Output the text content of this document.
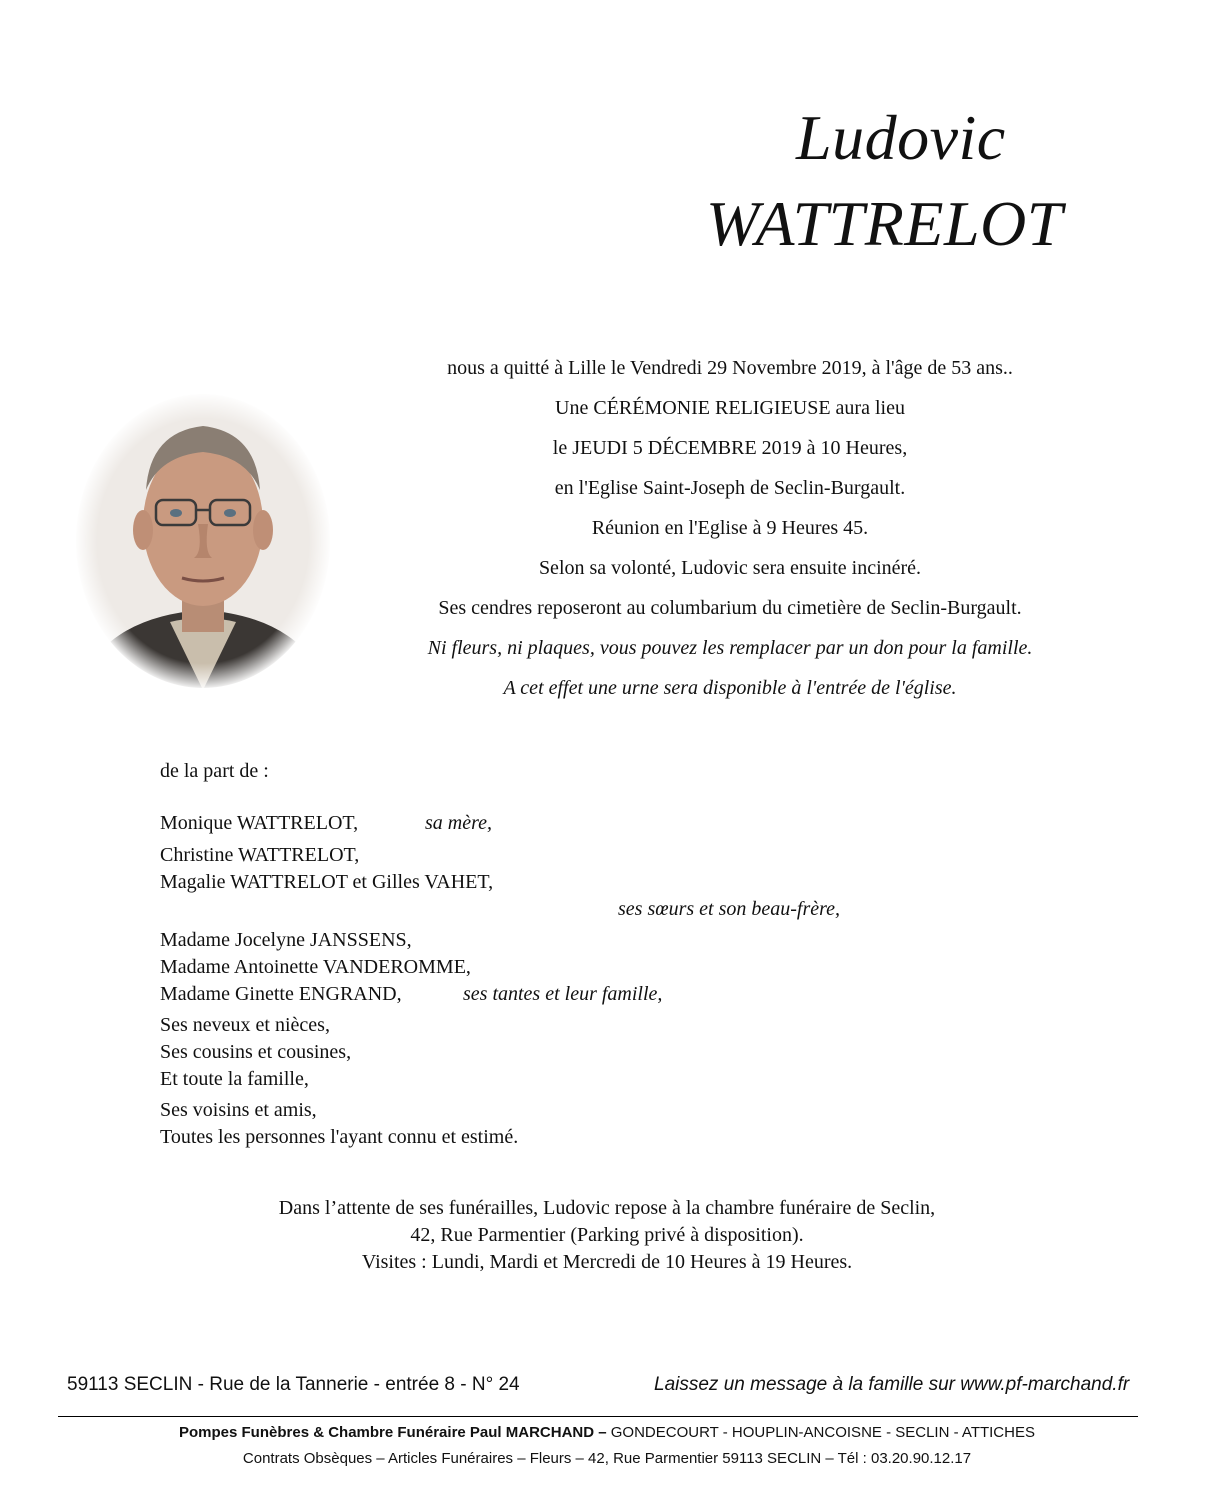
Ludovic
WATTRELOT

nous a quitté à Lille le Vendredi 29 Novembre 2019, à l'âge de 53 ans..

Une CÉRÉMONIE RELIGIEUSE aura lieu

le JEUDI 5 DÉCEMBRE 2019 à 10 Heures,

en l'Eglise Saint-Joseph de Seclin-Burgault.

Réunion en l'Eglise à 9 Heures 45.

Selon sa volonté, Ludovic sera ensuite incinéré.

Ses cendres reposeront au columbarium du cimetière de Seclin-Burgault.

Ni fleurs, ni plaques, vous pouvez les remplacer par un don pour la famille.

A cet effet une urne sera disponible à l'entrée de l'église.

de la part de :

Monique WATTRELOT,	sa mère,

Christine WATTRELOT,

Magalie WATTRELOT et Gilles VAHET,

ses sœurs et son beau-frère,

Madame Jocelyne JANSSENS,

Madame Antoinette VANDEROMME,

Madame Ginette ENGRAND,	ses tantes et leur famille,

Ses neveux et nièces,

Ses cousins et cousines,

Et toute la famille,

Ses voisins et amis,

Toutes les personnes l'ayant connu et estimé.

Dans l’attente de ses funérailles, Ludovic repose à la chambre funéraire de Seclin,
42, Rue Parmentier (Parking privé à disposition).
Visites : Lundi, Mardi et Mercredi de 10 Heures à 19 Heures.
59113 SECLIN - Rue de la Tannerie - entrée 8 - N° 24	Laissez un message à la famille sur www.pf-marchand.fr
Pompes Funèbres & Chambre Funéraire Paul MARCHAND – GONDECOURT - HOUPLIN-ANCOISNE - SECLIN - ATTICHES
Contrats Obsèques – Articles Funéraires – Fleurs – 42, Rue Parmentier 59113 SECLIN – Tél : 03.20.90.12.17
